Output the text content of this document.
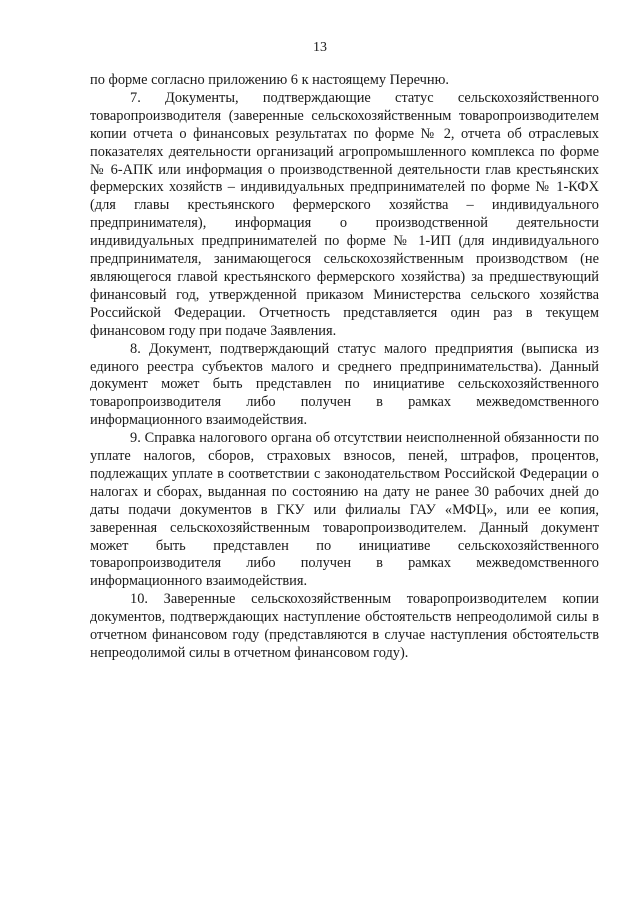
13

по форме согласно приложению 6 к настоящему Перечню.

7. Документы, подтверждающие статус сельскохозяйственного товаропроизводителя (заверенные сельскохозяйственным товаропроизводителем копии отчета о финансовых результатах по форме № 2, отчета об отраслевых показателях деятельности организаций агропромышленного комплекса по форме № 6-АПК или информация о производственной деятельности глав крестьянских фермерских хозяйств – индивидуальных предпринимателей по форме № 1-КФХ (для главы крестьянского фермерского хозяйства – индивидуального предпринимателя), информация о производственной деятельности индивидуальных предпринимателей по форме № 1-ИП (для индивидуального предпринимателя, занимающегося сельскохозяйственным производством (не являющегося главой крестьянского фермерского хозяйства) за предшествующий финансовый год, утвержденной приказом Министерства сельского хозяйства Российской Федерации. Отчетность представляется один раз в текущем финансовом году при подаче Заявления.

8. Документ, подтверждающий статус малого предприятия (выписка из единого реестра субъектов малого и среднего предпринимательства). Данный документ может быть представлен по инициативе сельскохозяйственного товаропроизводителя либо получен в рамках межведомственного информационного взаимодействия.

9. Справка налогового органа об отсутствии неисполненной обязанности по уплате налогов, сборов, страховых взносов, пеней, штрафов, процентов, подлежащих уплате в соответствии с законодательством Российской Федерации о налогах и сборах, выданная по состоянию на дату не ранее 30 рабочих дней до даты подачи документов в ГКУ или филиалы ГАУ «МФЦ», или ее копия, заверенная сельскохозяйственным товаропроизводителем. Данный документ может быть представлен по инициативе сельскохозяйственного товаропроизводителя либо получен в рамках межведомственного информационного взаимодействия.

10. Заверенные сельскохозяйственным товаропроизводителем копии документов, подтверждающих наступление обстоятельств непреодолимой силы в отчетном финансовом году (представляются в случае наступления обстоятельств непреодолимой силы в отчетном финансовом году).
